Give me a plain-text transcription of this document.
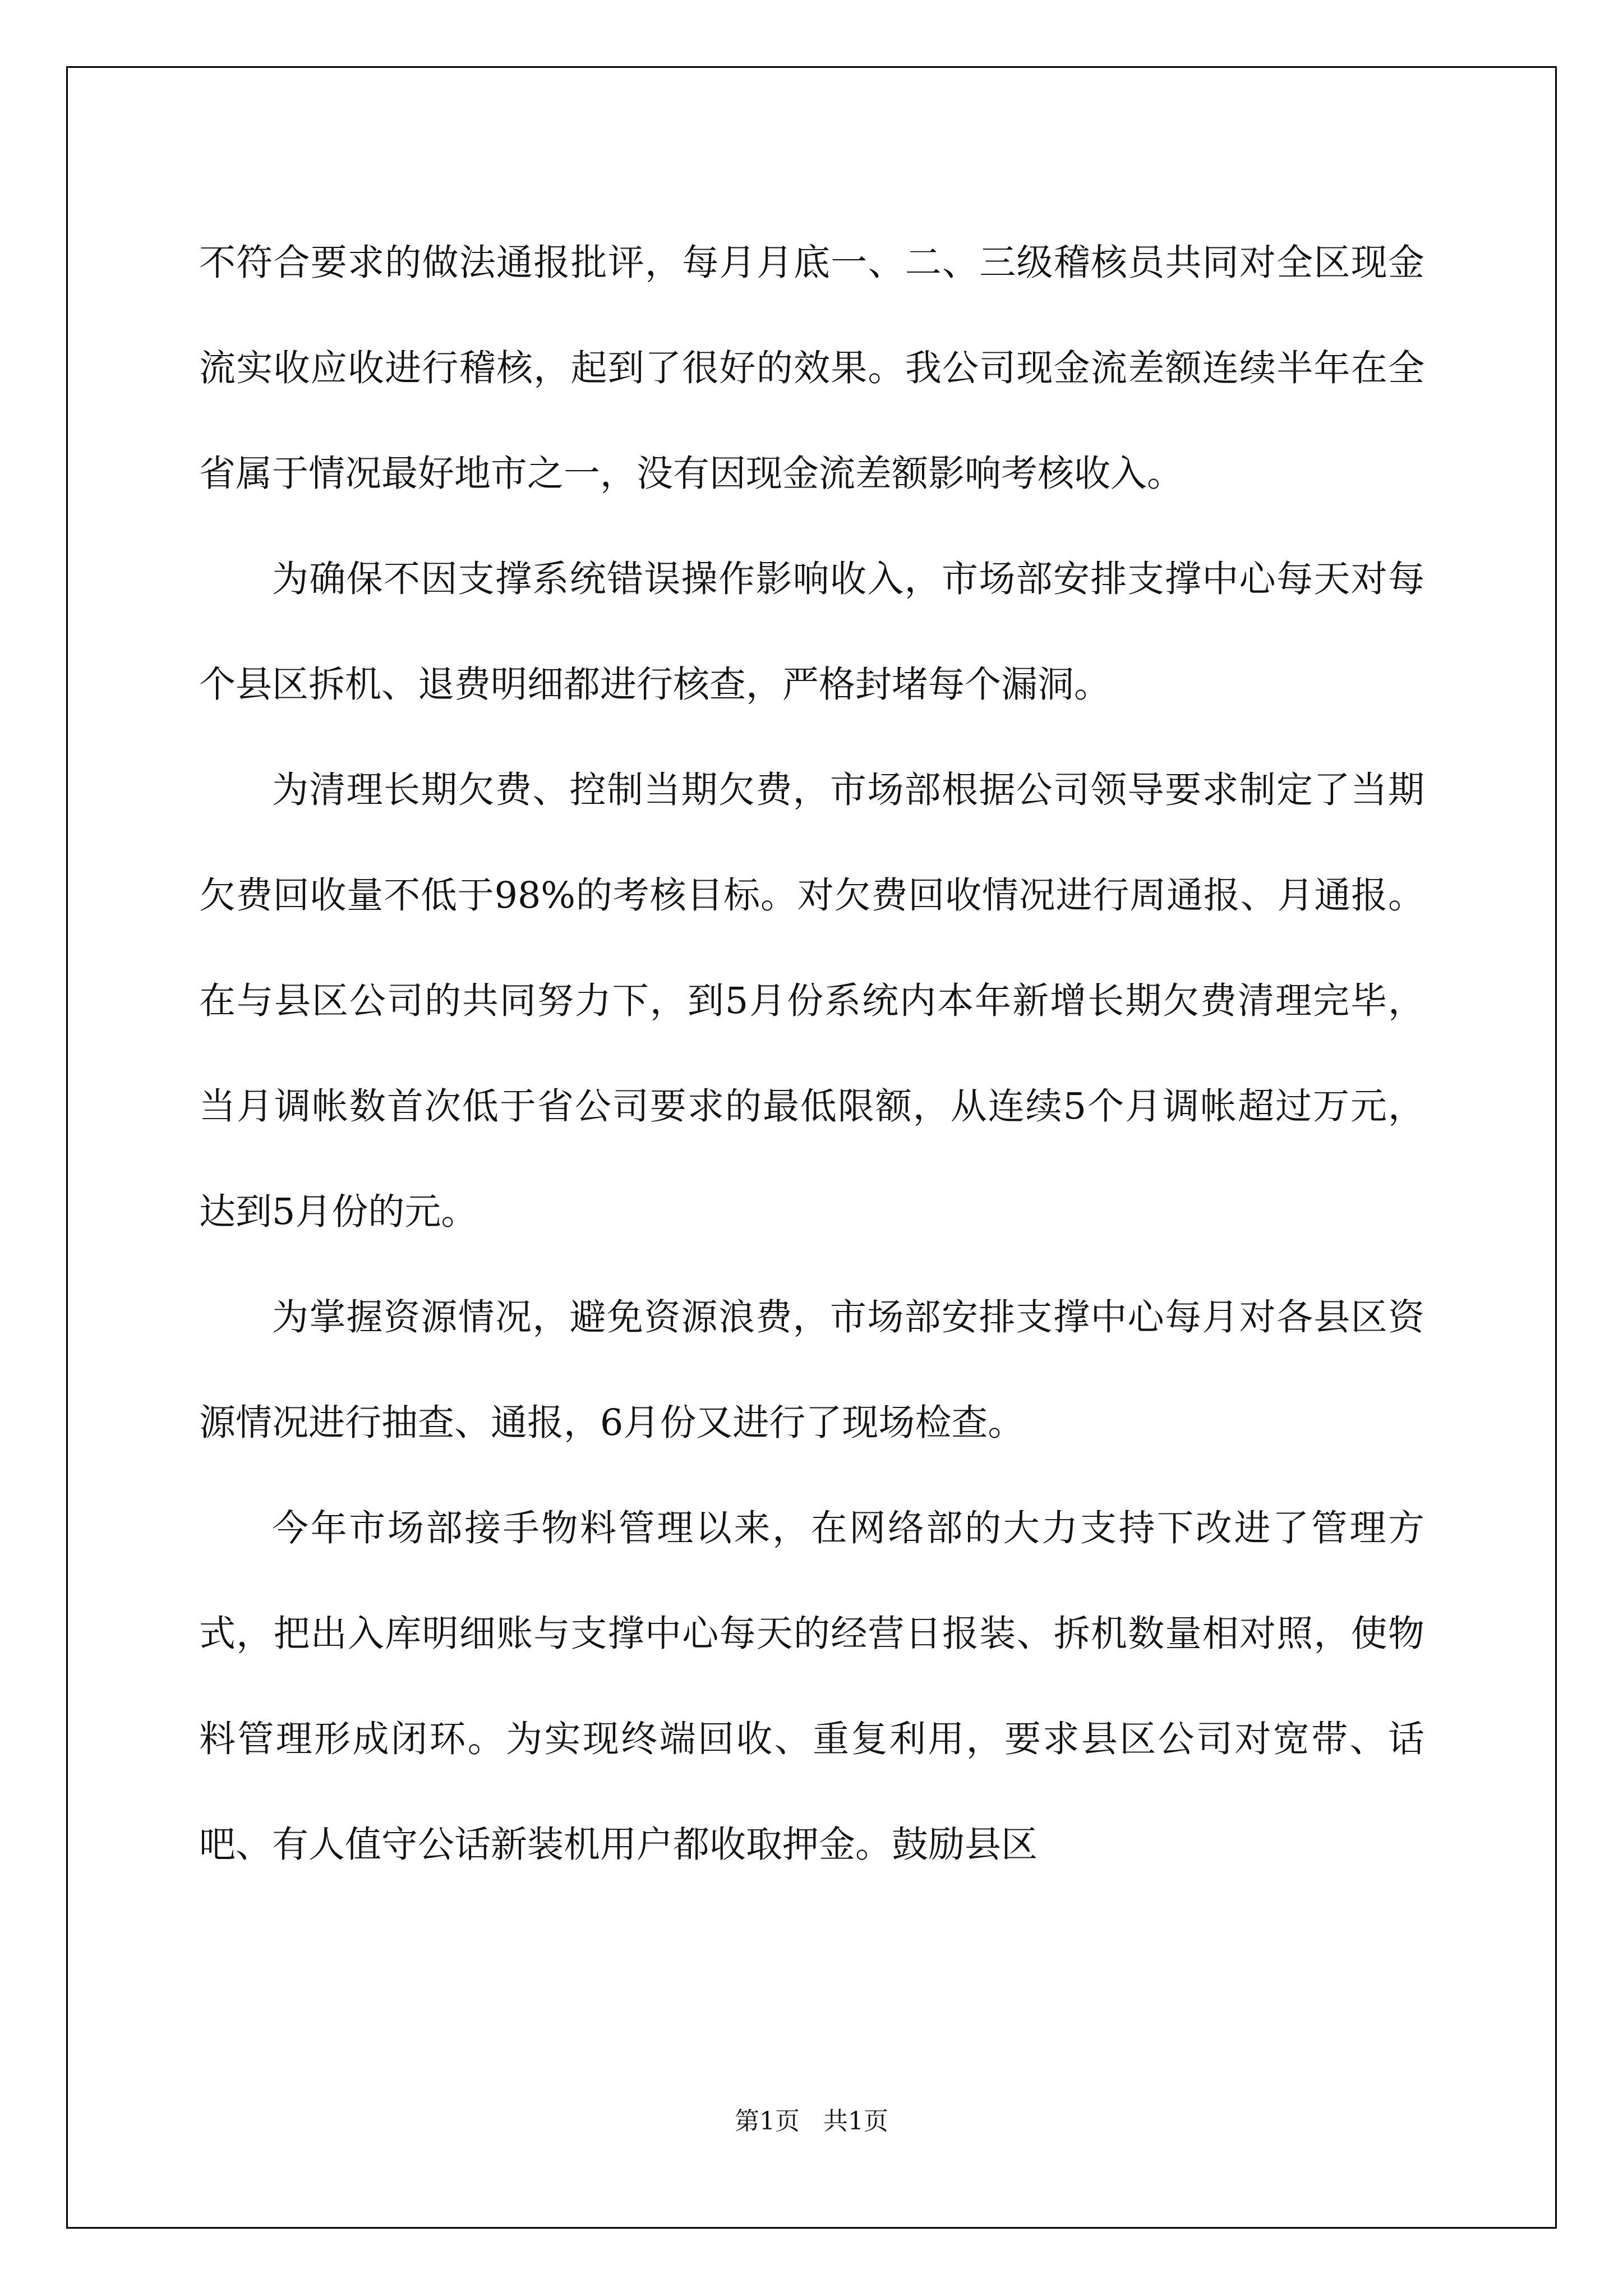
不符合要求的做法通报批评，每月月底一、二、三级稽核员共同对全区现金流实收应收进行稽核，起到了很好的效果。我公司现金流差额连续半年在全省属于情况最好地市之一，没有因现金流差额影响考核收入。

为确保不因支撑系统错误操作影响收入，市场部安排支撑中心每天对每个县区拆机、退费明细都进行核查，严格封堵每个漏洞。

为清理长期欠费、控制当期欠费，市场部根据公司领导要求制定了当期欠费回收量不低于98%的考核目标。对欠费回收情况进行周通报、月通报。在与县区公司的共同努力下，到5月份系统内本年新增长期欠费清理完毕，当月调帐数首次低于省公司要求的最低限额，从连续5个月调帐超过万元，达到5月份的元。

为掌握资源情况，避免资源浪费，市场部安排支撑中心每月对各县区资源情况进行抽查、通报，6月份又进行了现场检查。

今年市场部接手物料管理以来，在网络部的大力支持下改进了管理方式，把出入库明细账与支撑中心每天的经营日报装、拆机数量相对照，使物料管理形成闭环。为实现终端回收、重复利用，要求县区公司对宽带、话吧、有人值守公话新装机用户都收取押金。鼓励县区

第1页   共1页
